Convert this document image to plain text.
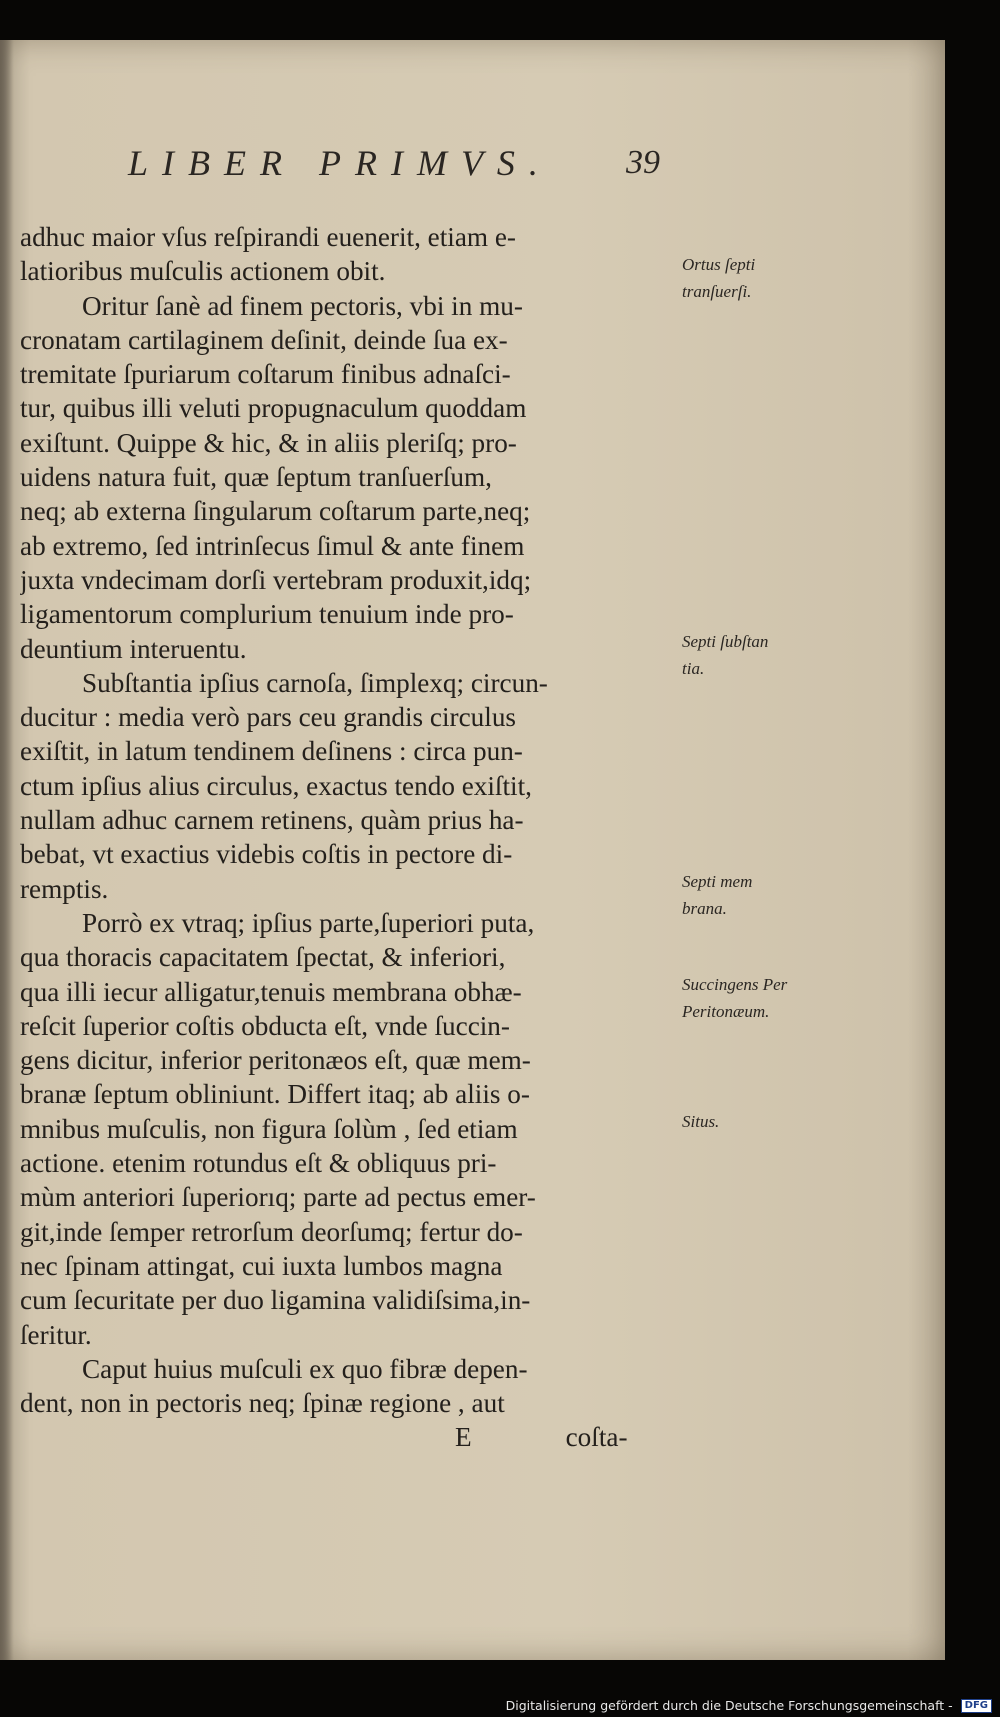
LIBER PRIMVS.	39
adhuc maior vſus reſpirandi euenerit, etiam e-
latioribus muſculis actionem obit.
Oritur ſanè ad finem pectoris, vbi in mu-
cronatam cartilaginem deſinit, deinde ſua ex-
tremitate ſpuriarum coſtarum finibus adnaſci-
tur, quibus illi veluti propugnaculum quoddam
exiſtunt. Quippe & hic, & in aliis pleriſq; pro-
uidens natura fuit, quæ ſeptum tranſuerſum,
neq; ab externa ſingularum coſtarum parte,neq;
ab extremo, ſed intrinſecus ſimul & ante finem
juxta vndecimam dorſi vertebram produxit,idq;
ligamentorum complurium tenuium inde pro-
deuntium interuentu.
Subſtantia ipſius carnoſa, ſimplexq; circun-
ducitur : media verò pars ceu grandis circulus
exiſtit, in latum tendinem deſinens : circa pun-
ctum ipſius alius circulus, exactus tendo exiſtit,
nullam adhuc carnem retinens, quàm prius ha-
bebat, vt exactius videbis coſtis in pectore di-
remptis.
Porrò ex vtraq; ipſius parte,ſuperiori puta,
qua thoracis capacitatem ſpectat, & inferiori,
qua illi iecur alligatur,tenuis membrana obhæ-
reſcit ſuperior coſtis obducta eſt, vnde ſuccin-
gens dicitur, inferior peritonæos eſt, quæ mem-
branæ ſeptum obliniunt. Differt itaq; ab aliis o-
mnibus muſculis, non figura ſolùm , ſed etiam
actione. etenim rotundus eſt & obliquus pri-
mùm anteriori ſuperiorıq; parte ad pectus emer-
git,inde ſemper retrorſum deorſumq; fertur do-
nec ſpinam attingat, cui iuxta lumbos magna
cum ſecuritate per duo ligamina validiſsima,in-
ſeritur.
Caput huius muſculi ex quo fibræ depen-
dent, non in pectoris neq; ſpinæ regione , aut
E	coſta-
Ortus ſepti
tranſuerſi.
Septi ſubſtan
tia.
Septi mem
brana.
Succingens Per
Peritonæum.
Situs.
Digitalisierung gefördert durch die Deutsche Forschungsgemeinschaft - DFG
